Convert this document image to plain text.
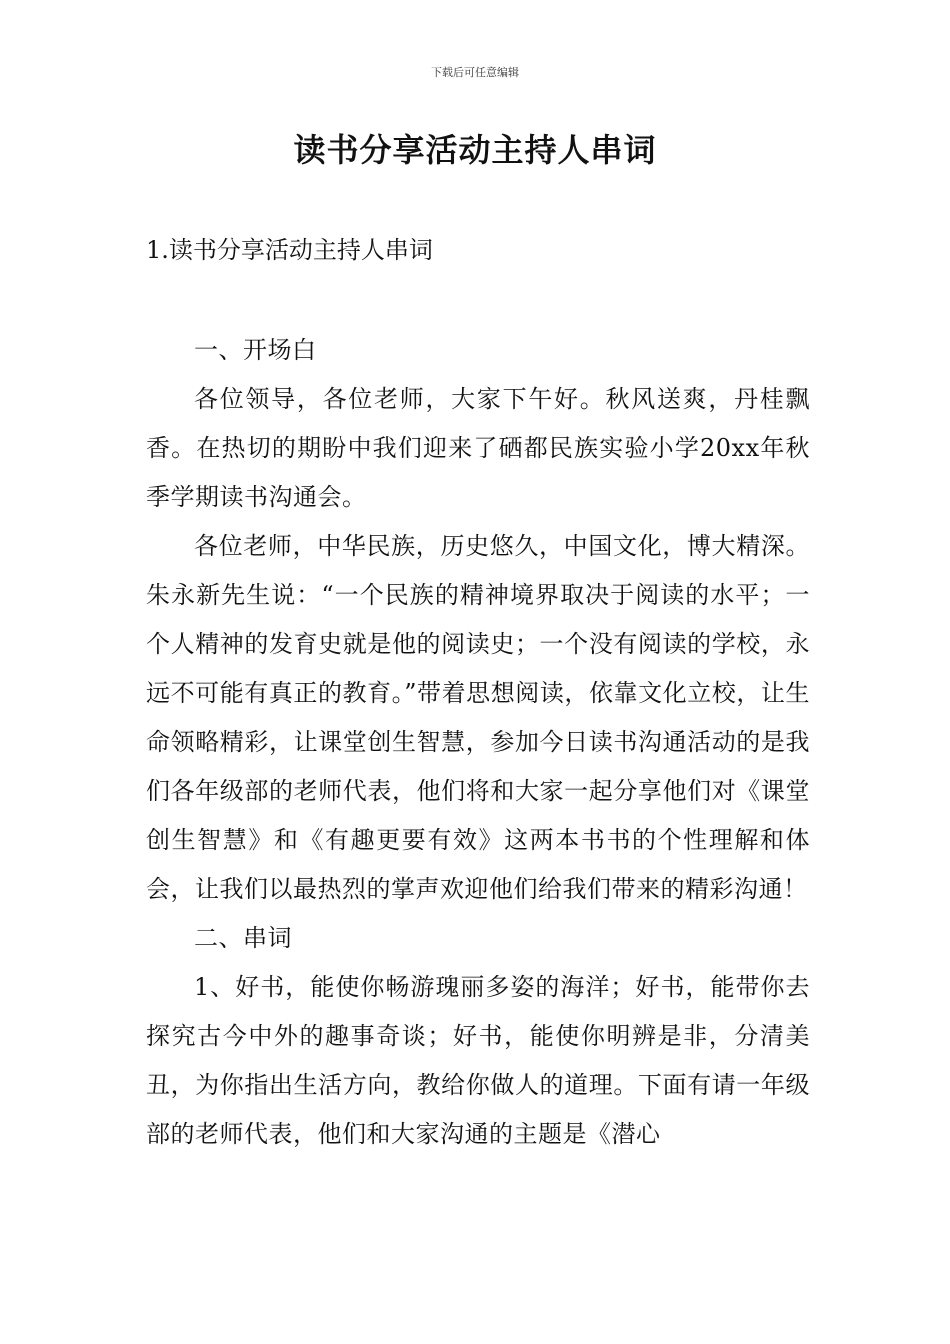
下载后可任意编辑
读书分享活动主持人串词
1.读书分享活动主持人串词

一、开场白

各位领导，各位老师，大家下午好。秋风送爽，丹桂飘香。在热切的期盼中我们迎来了硒都民族实验小学20xx年秋季学期读书沟通会。

各位老师，中华民族，历史悠久，中国文化，博大精深。朱永新先生说：“一个民族的精神境界取决于阅读的水平；一个人精神的发育史就是他的阅读史；一个没有阅读的学校，永远不可能有真正的教育。”带着思想阅读，依靠文化立校，让生命领略精彩，让课堂创生智慧，参加今日读书沟通活动的是我们各年级部的老师代表，他们将和大家一起分享他们对《课堂创生智慧》和《有趣更要有效》这两本书书的个性理解和体会，让我们以最热烈的掌声欢迎他们给我们带来的精彩沟通！

二、串词

1、好书，能使你畅游瑰丽多姿的海洋；好书，能带你去探究古今中外的趣事奇谈；好书，能使你明辨是非，分清美丑，为你指出生活方向，教给你做人的道理。下面有请一年级部的老师代表，他们和大家沟通的主题是《潜心
